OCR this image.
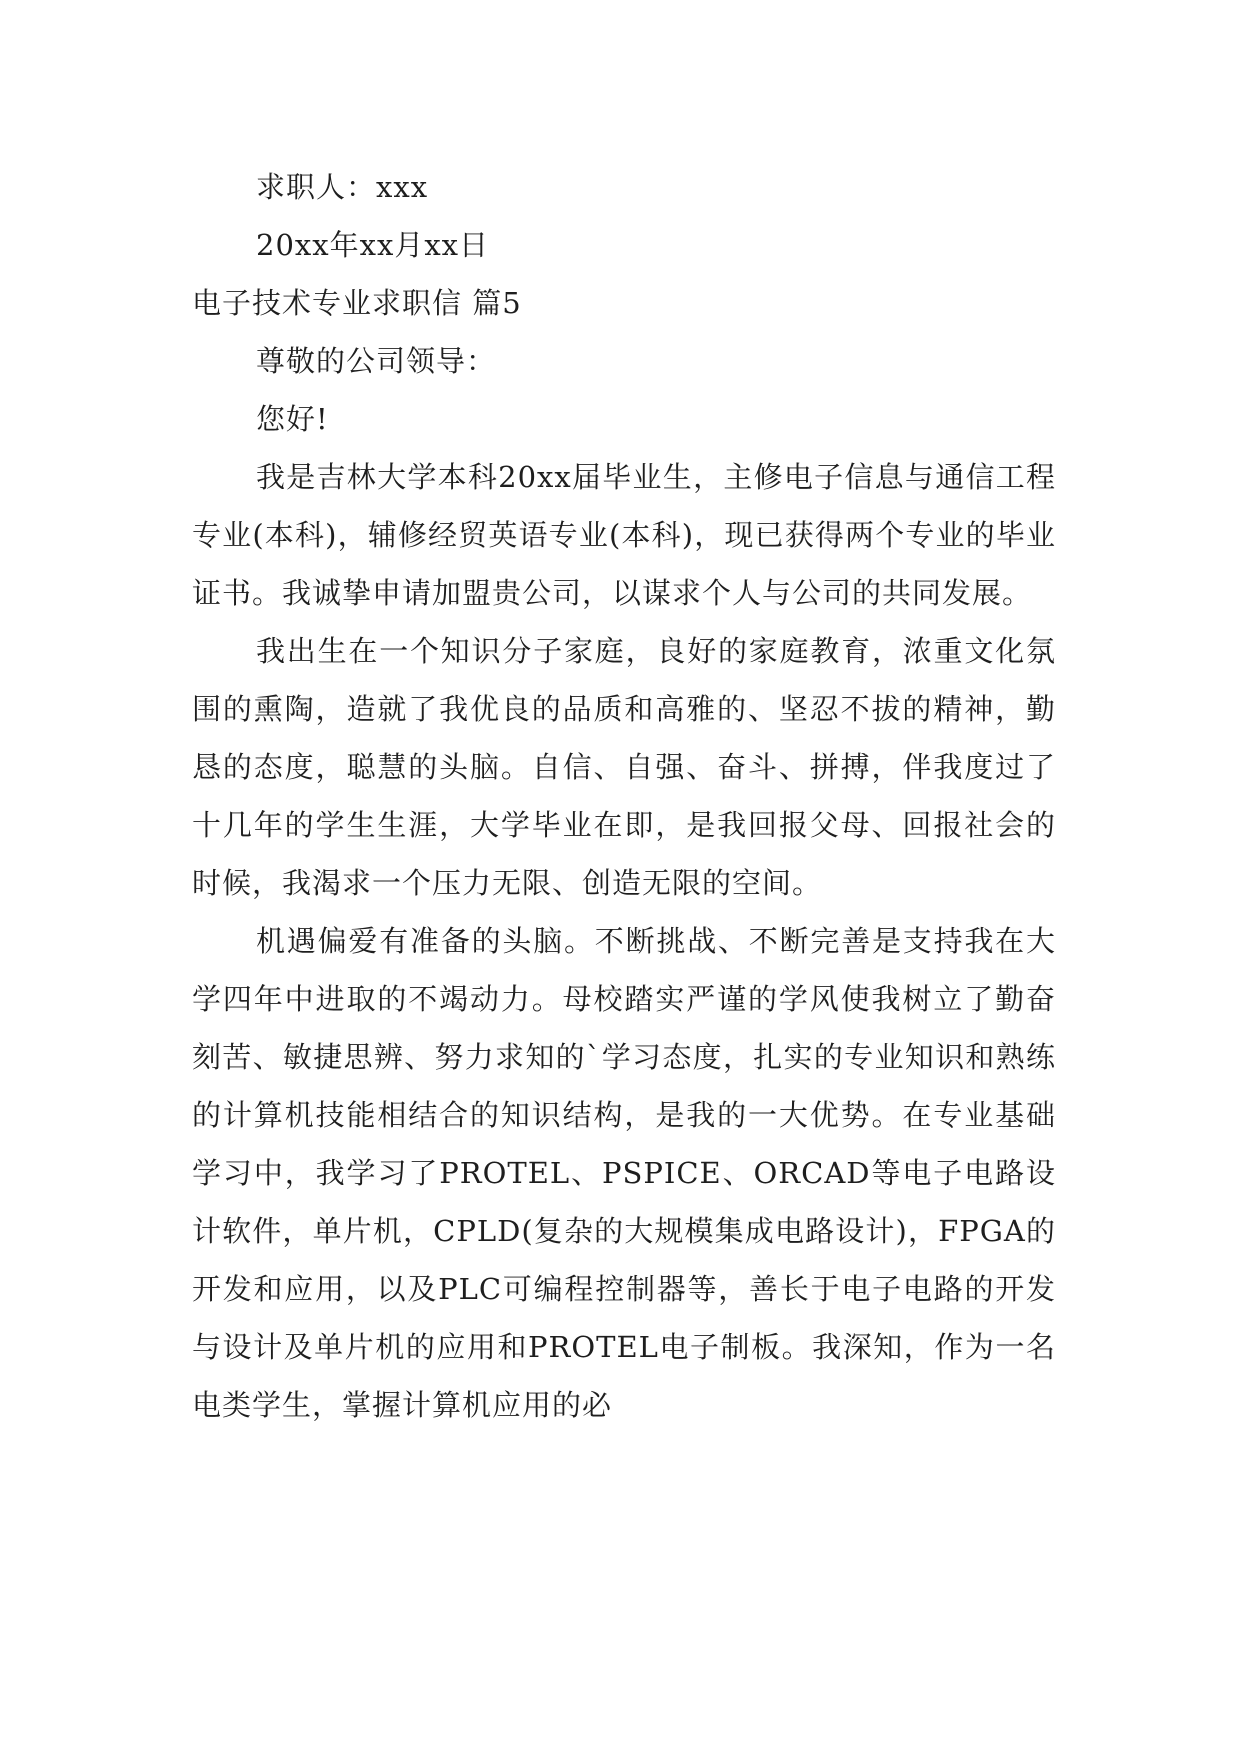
求职人：xxx

20xx年xx月xx日

电子技术专业求职信 篇5

尊敬的公司领导：

您好!

我是吉林大学本科20xx届毕业生，主修电子信息与通信工程专业(本科)，辅修经贸英语专业(本科)，现已获得两个专业的毕业证书。我诚挚申请加盟贵公司，以谋求个人与公司的共同发展。

我出生在一个知识分子家庭，良好的家庭教育，浓重文化氛围的熏陶，造就了我优良的品质和高雅的、坚忍不拔的精神，勤恳的态度，聪慧的头脑。自信、自强、奋斗、拼搏，伴我度过了十几年的学生生涯，大学毕业在即，是我回报父母、回报社会的时候，我渴求一个压力无限、创造无限的空间。

机遇偏爱有准备的头脑。不断挑战、不断完善是支持我在大学四年中进取的不竭动力。母校踏实严谨的学风使我树立了勤奋刻苦、敏捷思辨、努力求知的`学习态度，扎实的专业知识和熟练的计算机技能相结合的知识结构，是我的一大优势。在专业基础学习中，我学习了PROTEL、PSPICE、ORCAD等电子电路设计软件，单片机，CPLD(复杂的大规模集成电路设计)，FPGA的开发和应用，以及PLC可编程控制器等，善长于电子电路的开发与设计及单片机的应用和PROTEL电子制板。我深知，作为一名电类学生，掌握计算机应用的必
